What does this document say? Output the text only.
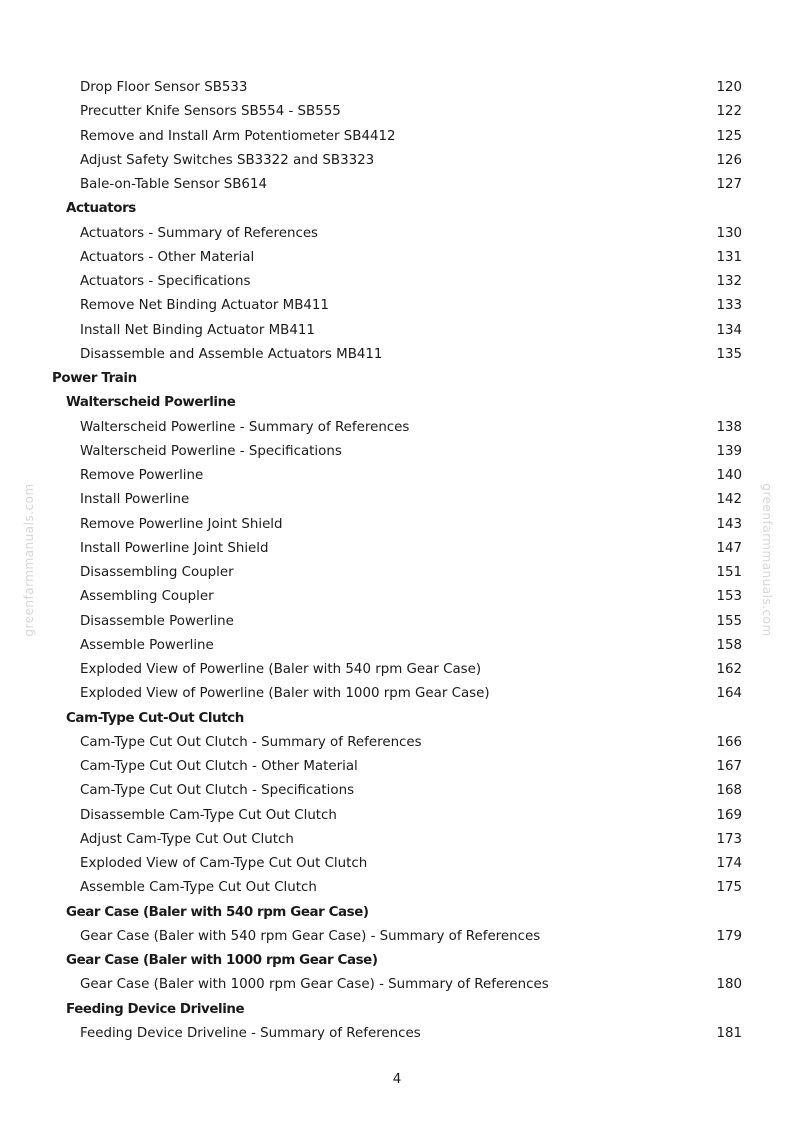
Drop Floor Sensor SB533	120
Precutter Knife Sensors SB554 - SB555	122
Remove and Install Arm Potentiometer SB4412	125
Adjust Safety Switches SB3322 and SB3323	126
Bale-on-Table Sensor SB614	127
Actuators
Actuators - Summary of References	130
Actuators - Other Material	131
Actuators - Specifications	132
Remove Net Binding Actuator MB411	133
Install Net Binding Actuator MB411	134
Disassemble and Assemble Actuators MB411	135
Power Train
Walterscheid Powerline
Walterscheid Powerline - Summary of References	138
Walterscheid Powerline - Specifications	139
Remove Powerline	140
Install Powerline	142
Remove Powerline Joint Shield	143
Install Powerline Joint Shield	147
Disassembling Coupler	151
Assembling Coupler	153
Disassemble Powerline	155
Assemble Powerline	158
Exploded View of Powerline (Baler with 540 rpm Gear Case)	162
Exploded View of Powerline (Baler with 1000 rpm Gear Case)	164
Cam-Type Cut-Out Clutch
Cam-Type Cut Out Clutch - Summary of References	166
Cam-Type Cut Out Clutch - Other Material	167
Cam-Type Cut Out Clutch - Specifications	168
Disassemble Cam-Type Cut Out Clutch	169
Adjust Cam-Type Cut Out Clutch	173
Exploded View of Cam-Type Cut Out Clutch	174
Assemble Cam-Type Cut Out Clutch	175
Gear Case (Baler with 540 rpm Gear Case)
Gear Case (Baler with 540 rpm Gear Case) - Summary of References	179
Gear Case (Baler with 1000 rpm Gear Case)
Gear Case (Baler with 1000 rpm Gear Case) - Summary of References	180
Feeding Device Driveline
Feeding Device Driveline - Summary of References	181
4
greenfarmmanuals.com	greenfarmmanuals.com
